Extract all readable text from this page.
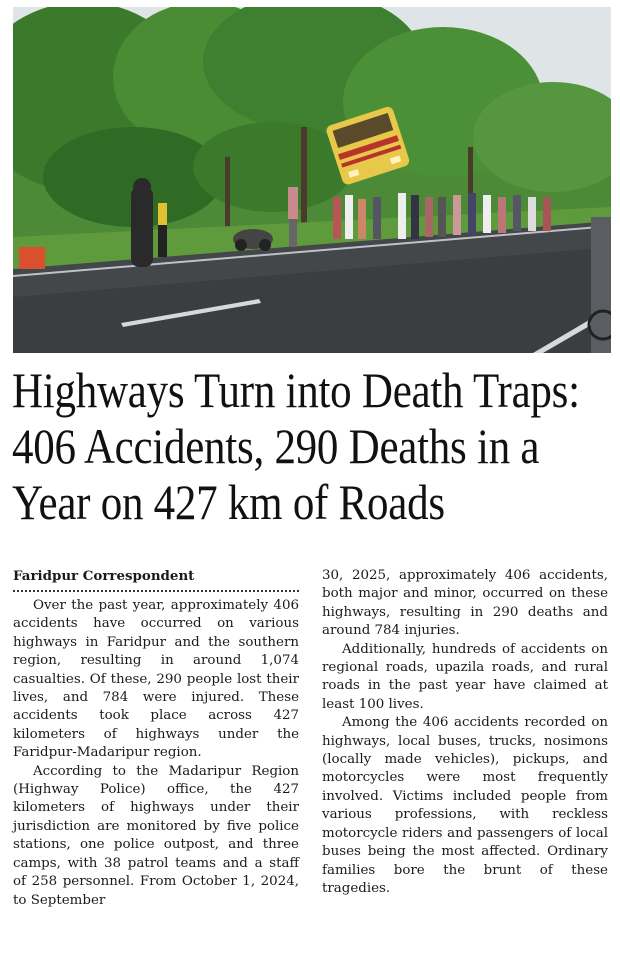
Highways Turn into Death Traps: 406 Accidents, 290 Deaths in a Year on 427 km of Roads
Faridpur Correspondent

Over the past year, approximately 406 accidents have occurred on various highways in Faridpur and the southern region, resulting in around 1,074 casualties. Of these, 290 people lost their lives, and 784 were injured. These accidents took place across 427 kilometers of highways under the Faridpur-Madaripur region.

According to the Madaripur Region (Highway Police) office, the 427 kilometers of highways under their jurisdiction are monitored by five police stations, one police outpost, and three camps, with 38 patrol teams and a staff of 258 personnel. From October 1, 2024, to September

30, 2025, approximately 406 accidents, both major and minor, occurred on these highways, resulting in 290 deaths and around 784 injuries.

Additionally, hundreds of accidents on regional roads, upazila roads, and rural roads in the past year have claimed at least 100 lives.

Among the 406 accidents recorded on highways, local buses, trucks, nosimons (locally made vehicles), pickups, and motorcycles were most frequently involved. Victims included people from various professions, with reckless motorcycle riders and passengers of local buses being the most affected. Ordinary families bore the brunt of these tragedies.
